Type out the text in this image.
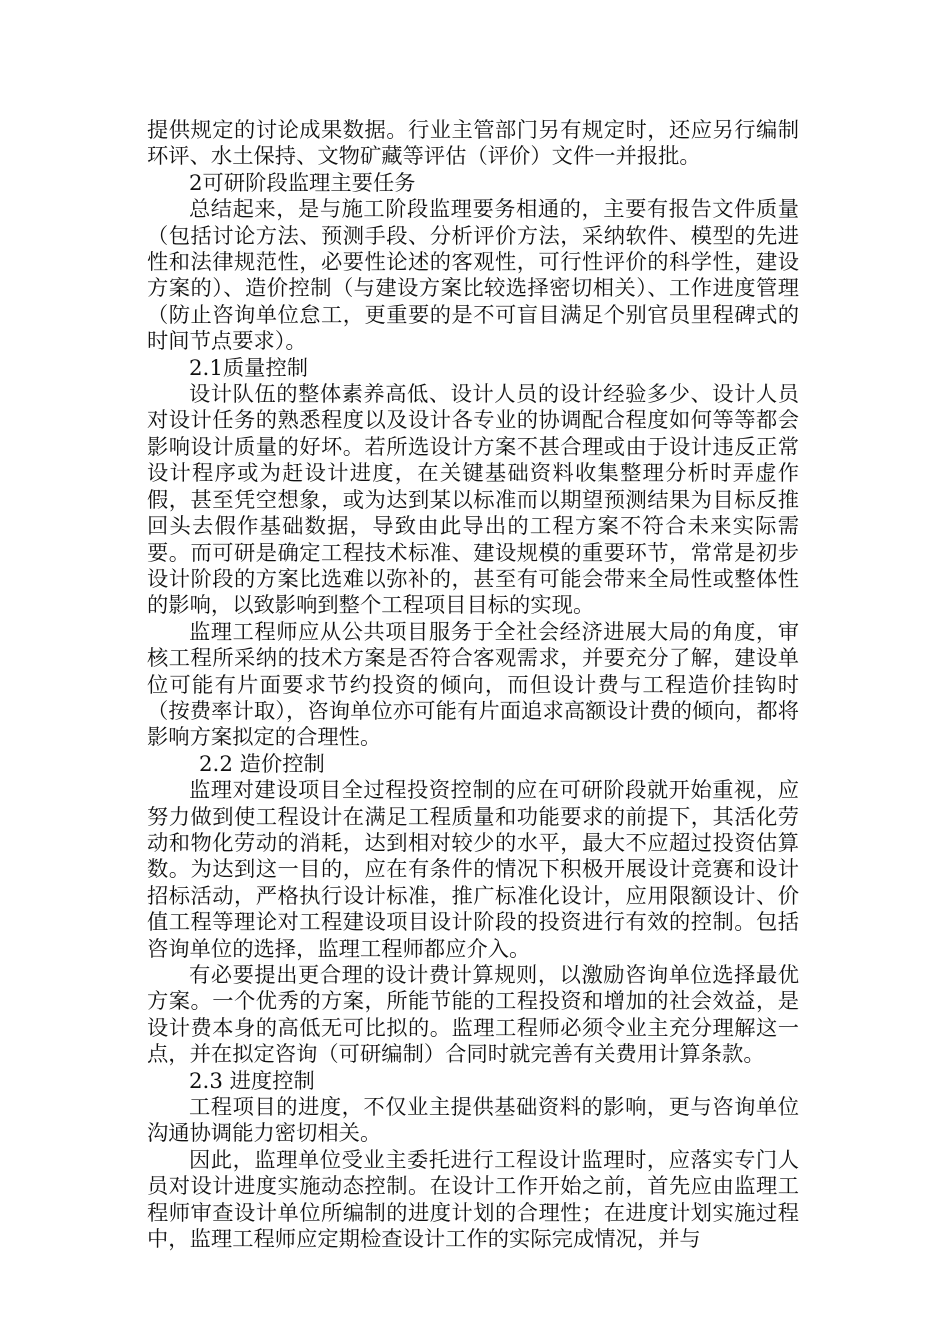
提供规定的讨论成果数据。行业主管部门另有规定时，还应另行编制环评、水土保持、文物矿藏等评估（评价）文件一并报批。

2可研阶段监理主要任务

总结起来，是与施工阶段监理要务相通的，主要有报告文件质量（包括讨论方法、预测手段、分析评价方法，采纳软件、模型的先进性和法律规范性，必要性论述的客观性，可行性评价的科学性，建设方案的）、造价控制（与建设方案比较选择密切相关）、工作进度管理（防止咨询单位怠工，更重要的是不可盲目满足个别官员里程碑式的时间节点要求）。

2.1质量控制

设计队伍的整体素养高低、设计人员的设计经验多少、设计人员对设计任务的熟悉程度以及设计各专业的协调配合程度如何等等都会影响设计质量的好坏。若所选设计方案不甚合理或由于设计违反正常设计程序或为赶设计进度，在关键基础资料收集整理分析时弄虚作假，甚至凭空想象，或为达到某以标准而以期望预测结果为目标反推回头去假作基础数据，导致由此导出的工程方案不符合未来实际需要。而可研是确定工程技术标准、建设规模的重要环节，常常是初步设计阶段的方案比选难以弥补的，甚至有可能会带来全局性或整体性的影响，以致影响到整个工程项目目标的实现。

监理工程师应从公共项目服务于全社会经济进展大局的角度，审核工程所采纳的技术方案是否符合客观需求，并要充分了解，建设单位可能有片面要求节约投资的倾向，而但设计费与工程造价挂钩时（按费率计取），咨询单位亦可能有片面追求高额设计费的倾向，都将影响方案拟定的合理性。

2.2 造价控制

监理对建设项目全过程投资控制的应在可研阶段就开始重视，应努力做到使工程设计在满足工程质量和功能要求的前提下，其活化劳动和物化劳动的消耗，达到相对较少的水平，最大不应超过投资估算数。为达到这一目的，应在有条件的情况下积极开展设计竞赛和设计招标活动，严格执行设计标准，推广标准化设计，应用限额设计、价值工程等理论对工程建设项目设计阶段的投资进行有效的控制。包括咨询单位的选择，监理工程师都应介入。

有必要提出更合理的设计费计算规则，以激励咨询单位选择最优方案。一个优秀的方案，所能节能的工程投资和增加的社会效益，是设计费本身的高低无可比拟的。监理工程师必须令业主充分理解这一点，并在拟定咨询（可研编制）合同时就完善有关费用计算条款。

2.3 进度控制

工程项目的进度，不仅业主提供基础资料的影响，更与咨询单位沟通协调能力密切相关。

因此，监理单位受业主委托进行工程设计监理时，应落实专门人员对设计进度实施动态控制。在设计工作开始之前，首先应由监理工程师审查设计单位所编制的进度计划的合理性；在进度计划实施过程中，监理工程师应定期检查设计工作的实际完成情况，并与
